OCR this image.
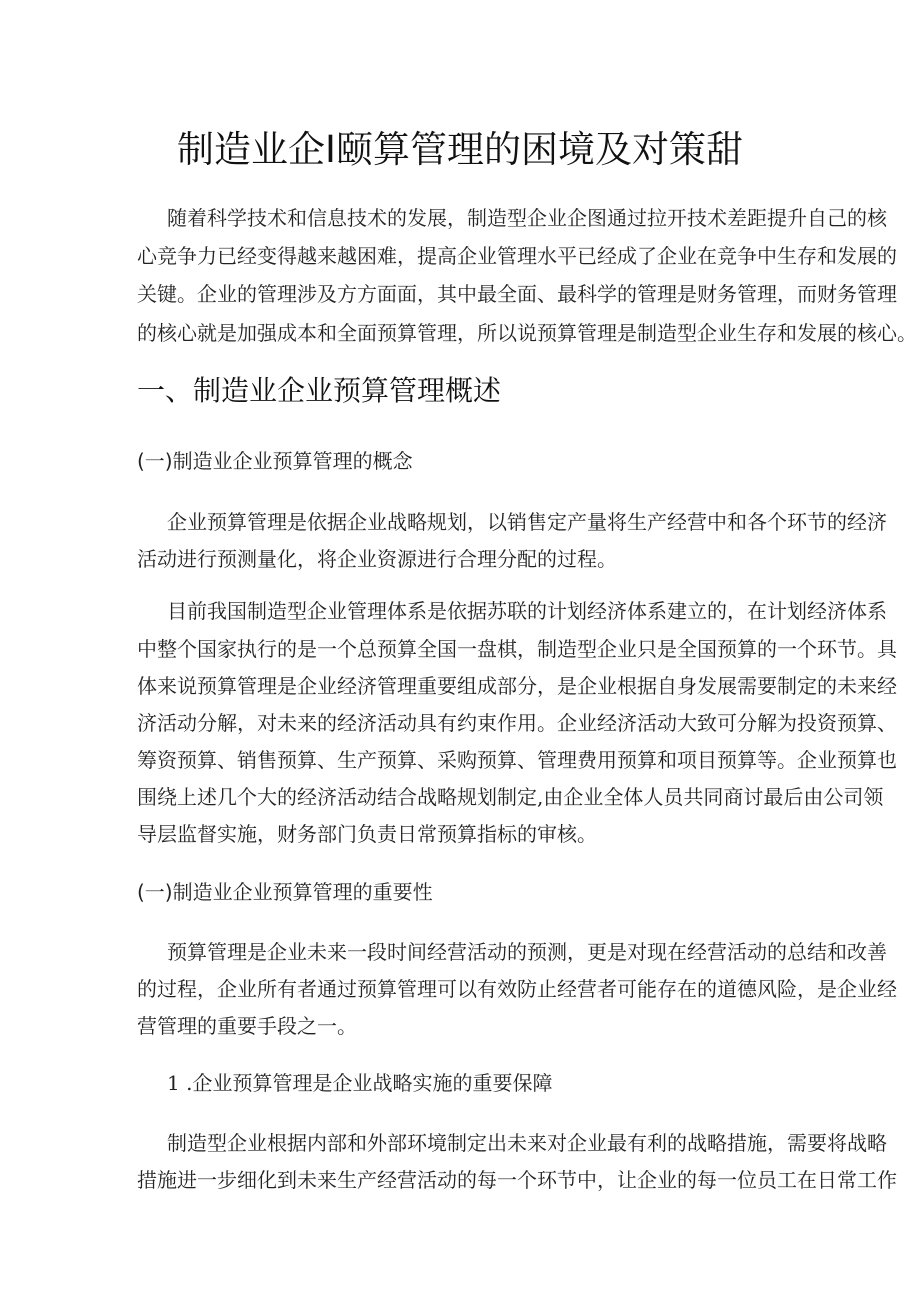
制造业企Ⅰ颐算管理的困境及对策甜
随着科学技术和信息技术的发展，制造型企业企图通过拉开技术差距提升自己的核
心竞争力已经变得越来越困难，提高企业管理水平已经成了企业在竞争中生存和发展的
关键。企业的管理涉及方方面面，其中最全面、最科学的管理是财务管理，而财务管理
的核心就是加强成本和全面预算管理，所以说预算管理是制造型企业生存和发展的核心。
一、制造业企业预算管理概述
(一)制造业企业预算管理的概念
企业预算管理是依据企业战略规划，以销售定产量将生产经营中和各个环节的经济
活动进行预测量化，将企业资源进行合理分配的过程。
目前我国制造型企业管理体系是依据苏联的计划经济体系建立的，在计划经济体系
中整个国家执行的是一个总预算全国一盘棋，制造型企业只是全国预算的一个环节。具
体来说预算管理是企业经济管理重要组成部分，是企业根据自身发展需要制定的未来经
济活动分解，对未来的经济活动具有约束作用。企业经济活动大致可分解为投资预算、
筹资预算、销售预算、生产预算、采购预算、管理费用预算和项目预算等。企业预算也
围绕上述几个大的经济活动结合战略规划制定,由企业全体人员共同商讨最后由公司领
导层监督实施，财务部门负责日常预算指标的审核。
(一)制造业企业预算管理的重要性
预算管理是企业未来一段时间经营活动的预测，更是对现在经营活动的总结和改善
的过程，企业所有者通过预算管理可以有效防止经营者可能存在的道德风险，是企业经
营管理的重要手段之一。
1 .企业预算管理是企业战略实施的重要保障
制造型企业根据内部和外部环境制定出未来对企业最有利的战略措施，需要将战略
措施进一步细化到未来生产经营活动的每一个环节中，让企业的每一位员工在日常工作
